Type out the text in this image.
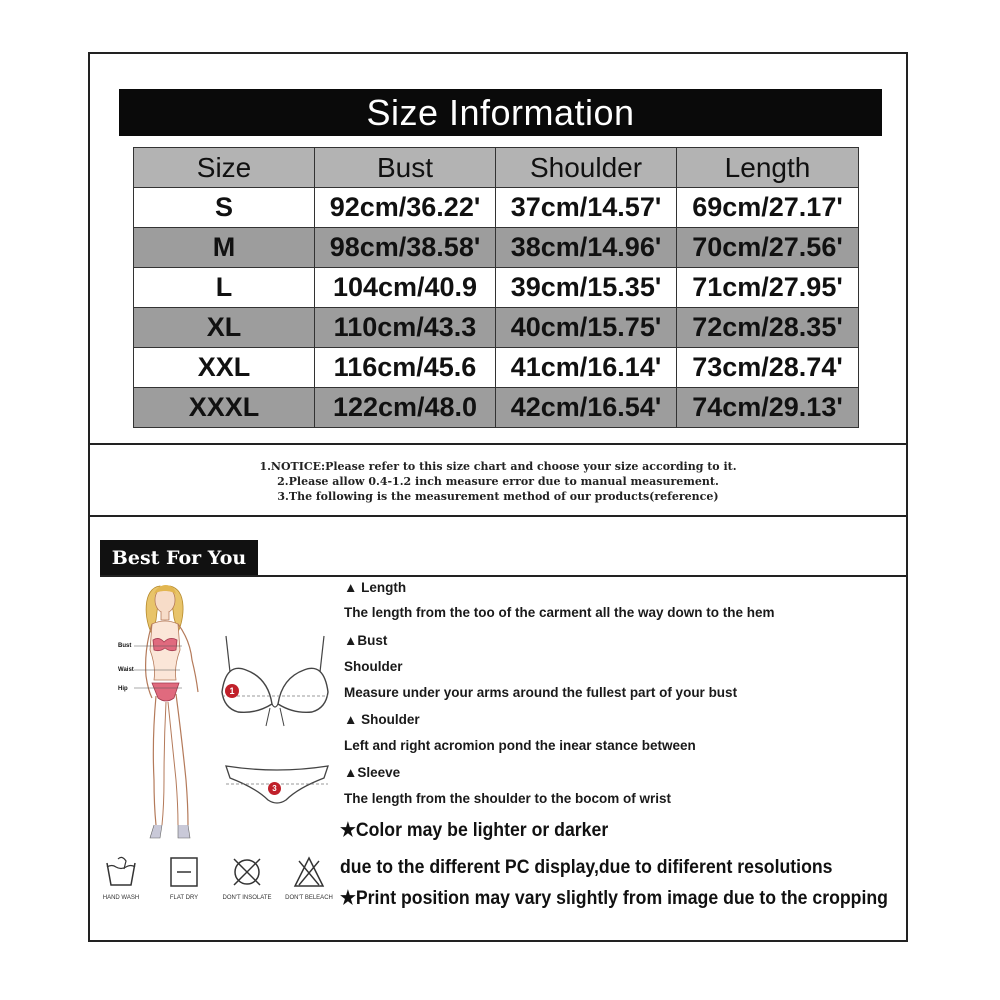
Size Information
Size	Bust	Shoulder	Length
S	92cm/36.22'	37cm/14.57'	69cm/27.17'
M	98cm/38.58'	38cm/14.96'	70cm/27.56'
L	104cm/40.9	39cm/15.35'	71cm/27.95'
XL	110cm/43.3	40cm/15.75'	72cm/28.35'
XXL	116cm/45.6	41cm/16.14'	73cm/28.74'
XXXL	122cm/48.0	42cm/16.54'	74cm/29.13'
1.NOTICE:Please refer to this size chart and choose your size according to it.
2.Please allow 0.4-1.2 inch measure error due to manual measurement.
3.The following is the measurement method of our products(reference)
Best For You
Bust
Waist
Hip	1
3
▲ Length
The length from the too of the carment all the way down to the hem
▲Bust
Shoulder
Measure under your arms around the fullest part of your bust
▲ Shoulder
Left and right acromion pond the inear stance between
▲Sleeve
The length from the shoulder to the bocom of wrist
★Color may be lighter or darker
due to the different PC display,due to dififerent resolutions
★Print position may vary slightly from image due to the cropping
HAND WASH	FLAT DRY	DON'T INSOLATE	DON'T BELEACH
